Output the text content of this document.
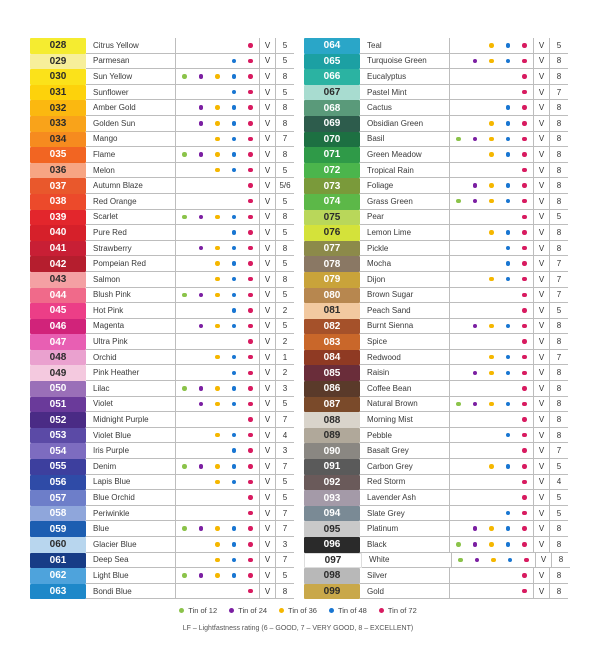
028	Citrus Yellow	V	5
029	Parmesan	V	5
030	Sun Yellow	V	8
031	Sunflower	V	5
032	Amber Gold	V	8
033	Golden Sun	V	8
034	Mango	V	7
035	Flame	V	8
036	Melon	V	5
037	Autumn Blaze	V	5/6
038	Red Orange	V	5
039	Scarlet	V	8
040	Pure Red	V	5
041	Strawberry	V	8
042	Pompeian Red	V	5
043	Salmon	V	8
044	Blush Pink	V	5
045	Hot Pink	V	2
046	Magenta	V	5
047	Ultra Pink	V	2
048	Orchid	V	1
049	Pink Heather	V	2
050	Lilac	V	3
051	Violet	V	5
052	Midnight Purple	V	7
053	Violet Blue	V	4
054	Iris Purple	V	3
055	Denim	V	7
056	Lapis Blue	V	5
057	Blue Orchid	V	5
058	Periwinkle	V	7
059	Blue	V	7
060	Glacier Blue	V	3
061	Deep Sea	V	7
062	Light Blue	V	5
063	Bondi Blue	V	8
064	Teal	V	5
065	Turquoise Green	V	8
066	Eucalyptus	V	8
067	Pastel Mint	V	7
068	Cactus	V	8
069	Obsidian Green	V	8
070	Basil	V	8
071	Green Meadow	V	8
072	Tropical Rain	V	8
073	Foliage	V	8
074	Grass Green	V	8
075	Pear	V	5
076	Lemon Lime	V	8
077	Pickle	V	8
078	Mocha	V	7
079	Dijon	V	7
080	Brown Sugar	V	7
081	Peach Sand	V	5
082	Burnt Sienna	V	8
083	Spice	V	8
084	Redwood	V	7
085	Raisin	V	8
086	Coffee Bean	V	8
087	Natural Brown	V	8
088	Morning Mist	V	8
089	Pebble	V	8
090	Basalt Grey	V	7
091	Carbon Grey	V	5
092	Red Storm	V	4
093	Lavender Ash	V	5
094	Slate Grey	V	5
095	Platinum	V	8
096	Black	V	8
097	White	V	8
098	Silver	V	8
099	Gold	V	8
Tin of 12	Tin of 24	Tin of 36	Tin of 48	Tin of 72
LF – Lightfastness rating (6 – GOOD, 7 – VERY GOOD, 8 – EXCELLENT)
